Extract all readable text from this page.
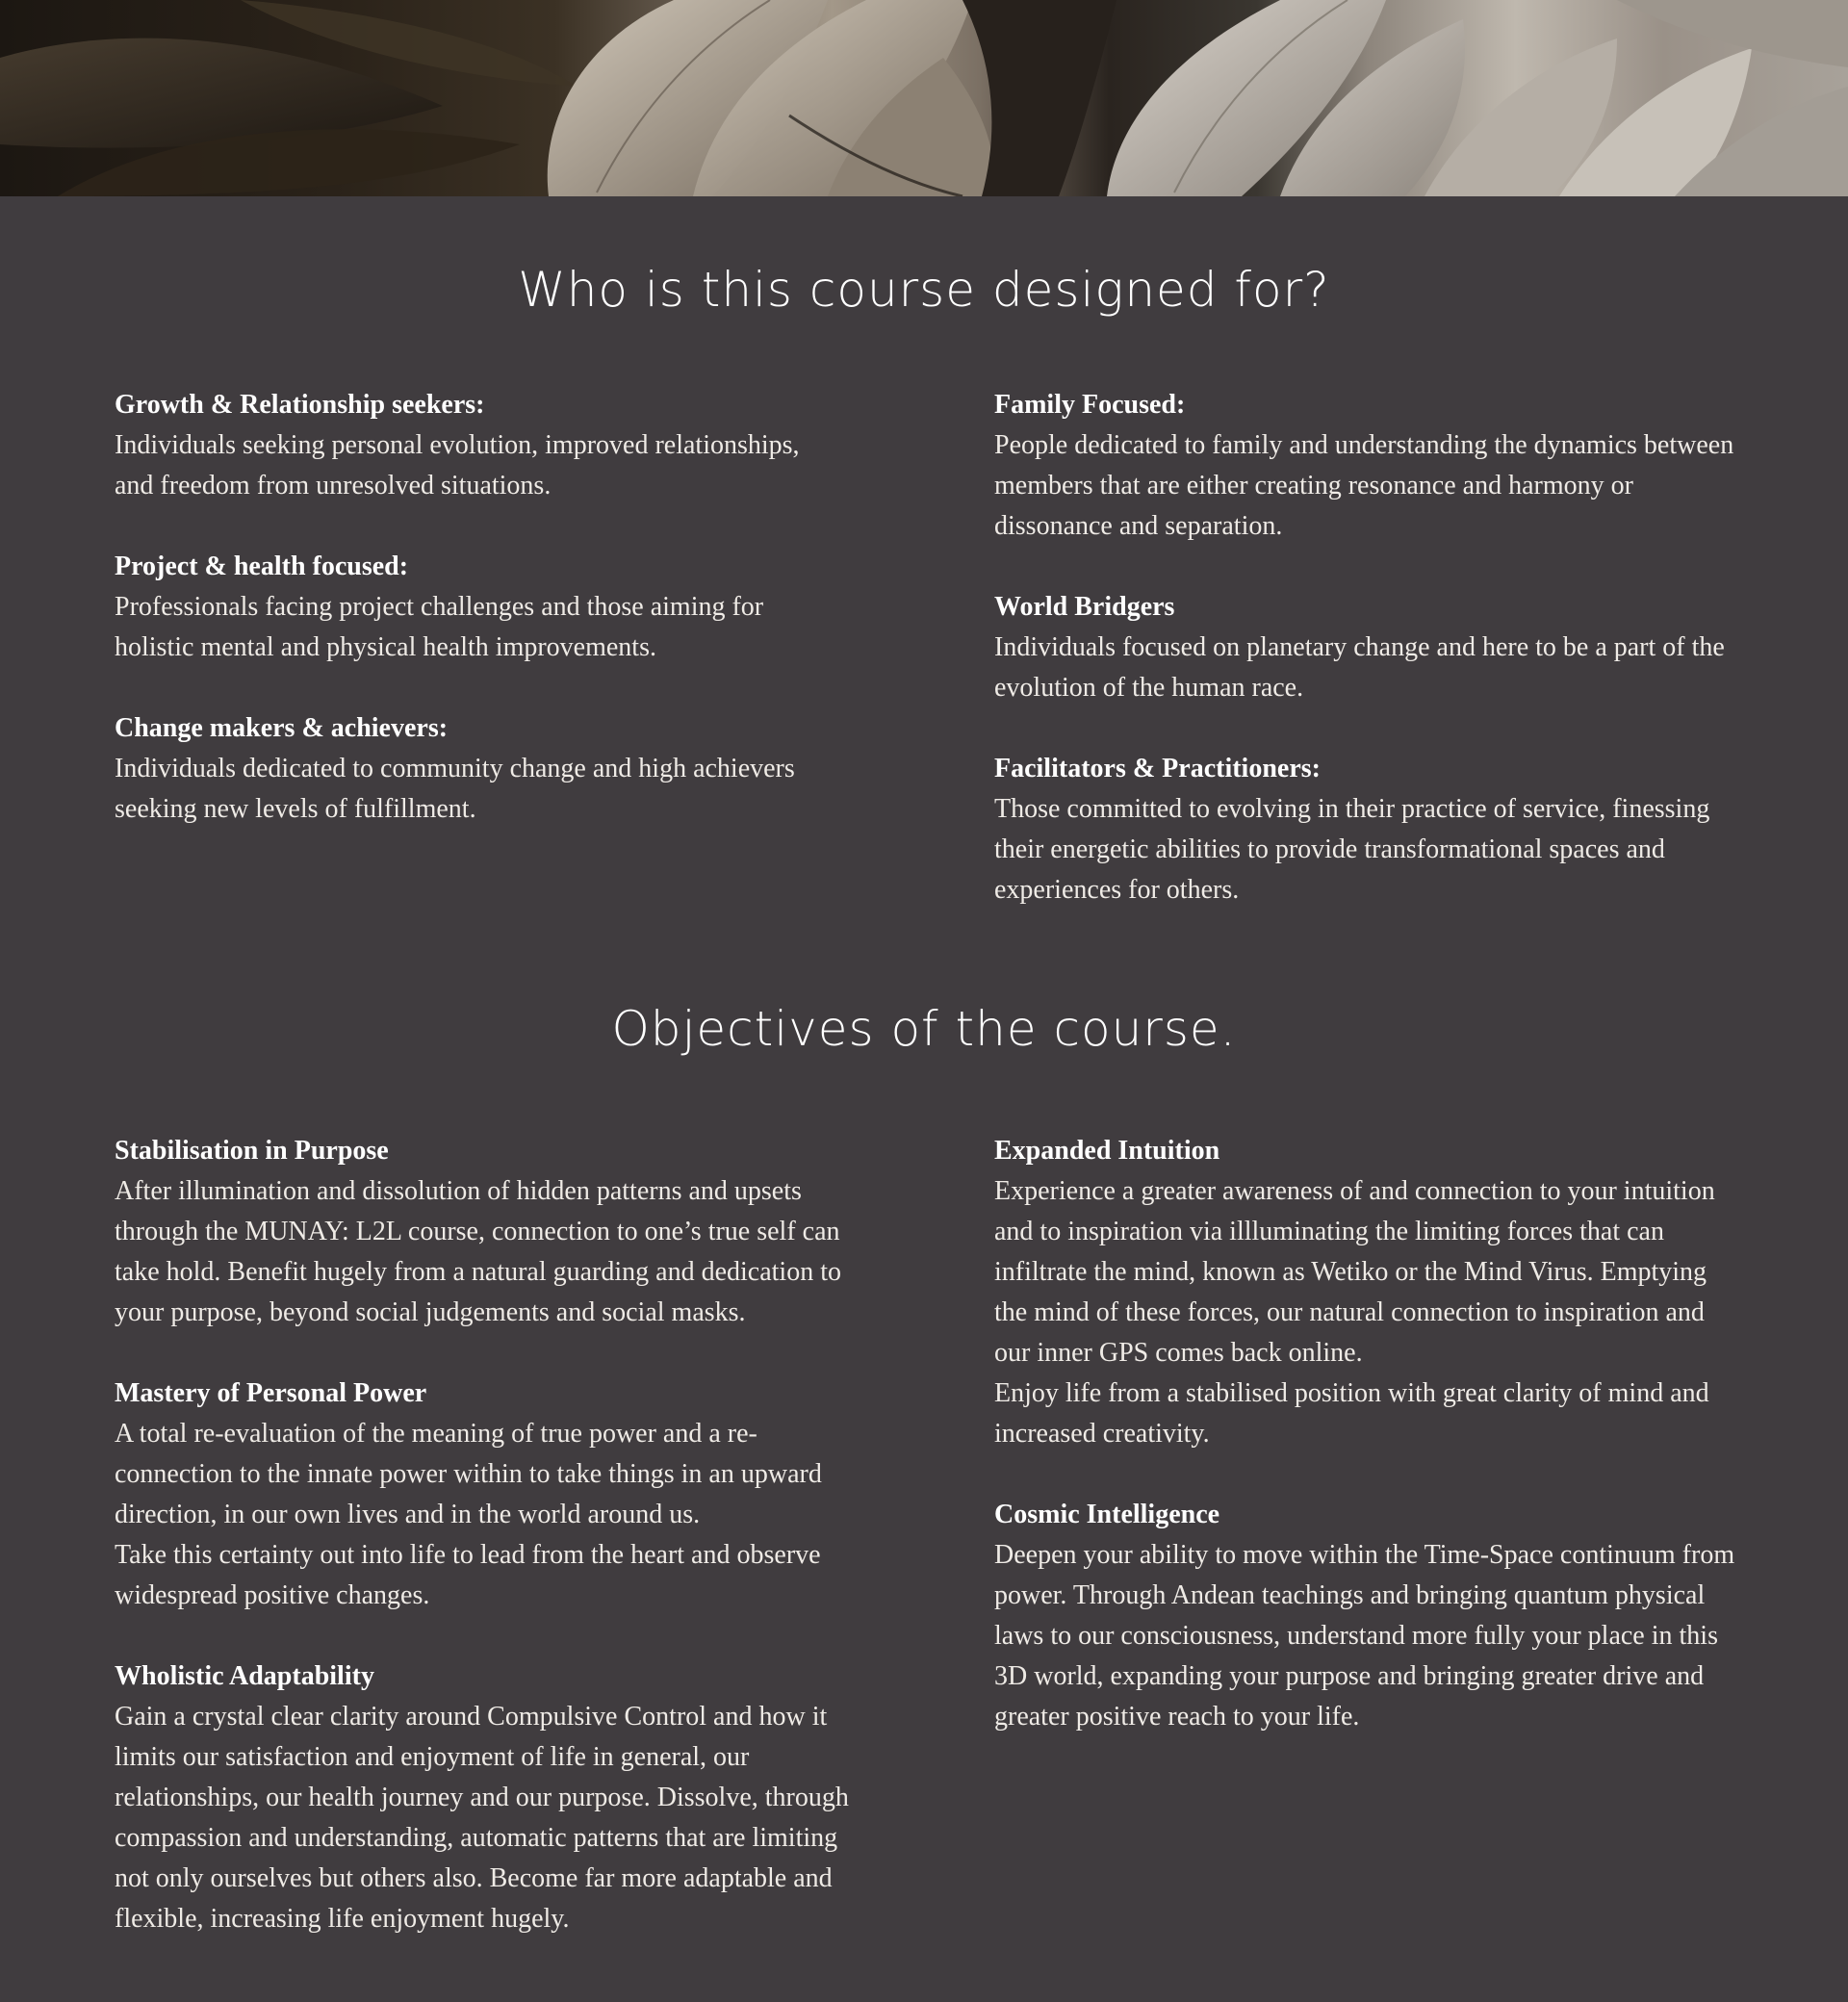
Who is this course designed for?
Growth & Relationship seekers:
Individuals seeking personal evolution, improved relationships,
and freedom from unresolved situations.
Project & health focused:
Professionals facing project challenges and those aiming for
holistic mental and physical health improvements.
Change makers & achievers:
Individuals dedicated to community change and high achievers
seeking new levels of fulfillment.
Family Focused:
People dedicated to family and understanding the dynamics between
members that are either creating resonance and harmony or
dissonance and separation.
World Bridgers
Individuals focused on planetary change and here to be a part of the
evolution of the human race.
Facilitators & Practitioners:
Those committed to evolving in their practice of service, finessing
their energetic abilities to provide transformational spaces and
experiences for others.
Objectives of the course.
Stabilisation in Purpose
After illumination and dissolution of hidden patterns and upsets
through the MUNAY: L2L course, connection to one’s true self can
take hold. Benefit hugely from a natural guarding and dedication to
your purpose, beyond social judgements and social masks.
Mastery of Personal Power
A total re-evaluation of the meaning of true power and a re-
connection to the innate power within to take things in an upward
direction, in our own lives and in the world around us.
Take this certainty out into life to lead from the heart and observe
widespread positive changes.
Wholistic Adaptability
Gain a crystal clear clarity around Compulsive Control and how it
limits our satisfaction and enjoyment of life in general, our
relationships, our health journey and our purpose. Dissolve, through
compassion and understanding, automatic patterns that are limiting
not only ourselves but others also. Become far more adaptable and
flexible, increasing life enjoyment hugely.
Expanded Intuition
Experience a greater awareness of and connection to your intuition
and to inspiration via illluminating the limiting forces that can
infiltrate the mind, known as Wetiko or the Mind Virus. Emptying
the mind of these forces, our natural connection to inspiration and
our inner GPS comes back online.
Enjoy life from a stabilised position with great clarity of mind and
increased creativity.
Cosmic Intelligence
Deepen your ability to move within the Time-Space continuum from
power. Through Andean teachings and bringing quantum physical
laws to our consciousness, understand more fully your place in this
3D world, expanding your purpose and bringing greater drive and
greater positive reach to your life.
